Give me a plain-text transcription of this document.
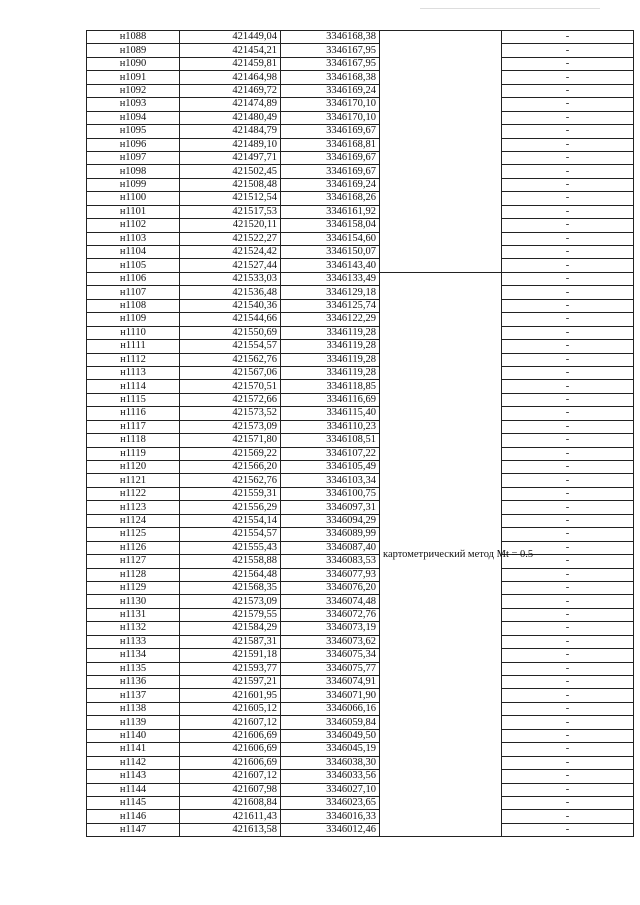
н1088	421449,04	3346168,38		-
н1089	421454,21	3346167,95		-
н1090	421459,81	3346167,95		-
н1091	421464,98	3346168,38		-
н1092	421469,72	3346169,24		-
н1093	421474,89	3346170,10		-
н1094	421480,49	3346170,10		-
н1095	421484,79	3346169,67		-
н1096	421489,10	3346168,81		-
н1097	421497,71	3346169,67		-
н1098	421502,45	3346169,67		-
н1099	421508,48	3346169,24		-
н1100	421512,54	3346168,26		-
н1101	421517,53	3346161,92		-
н1102	421520,11	3346158,04		-
н1103	421522,27	3346154,60		-
н1104	421524,42	3346150,07		-
н1105	421527,44	3346143,40		-
н1106	421533,03	3346133,49	картометрический метод Mt = 0.5	-
н1107	421536,48	3346129,18		-
н1108	421540,36	3346125,74		-
н1109	421544,66	3346122,29		-
н1110	421550,69	3346119,28		-
н1111	421554,57	3346119,28		-
н1112	421562,76	3346119,28		-
н1113	421567,06	3346119,28		-
н1114	421570,51	3346118,85		-
н1115	421572,66	3346116,69		-
н1116	421573,52	3346115,40		-
н1117	421573,09	3346110,23		-
н1118	421571,80	3346108,51		-
н1119	421569,22	3346107,22		-
н1120	421566,20	3346105,49		-
н1121	421562,76	3346103,34		-
н1122	421559,31	3346100,75		-
н1123	421556,29	3346097,31		-
н1124	421554,14	3346094,29		-
н1125	421554,57	3346089,99		-
н1126	421555,43	3346087,40		-
н1127	421558,88	3346083,53		-
н1128	421564,48	3346077,93		-
н1129	421568,35	3346076,20		-
н1130	421573,09	3346074,48		-
н1131	421579,55	3346072,76		-
н1132	421584,29	3346073,19		-
н1133	421587,31	3346073,62		-
н1134	421591,18	3346075,34		-
н1135	421593,77	3346075,77		-
н1136	421597,21	3346074,91		-
н1137	421601,95	3346071,90		-
н1138	421605,12	3346066,16		-
н1139	421607,12	3346059,84		-
н1140	421606,69	3346049,50		-
н1141	421606,69	3346045,19		-
н1142	421606,69	3346038,30		-
н1143	421607,12	3346033,56		-
н1144	421607,98	3346027,10		-
н1145	421608,84	3346023,65		-
н1146	421611,43	3346016,33		-
н1147	421613,58	3346012,46		-
